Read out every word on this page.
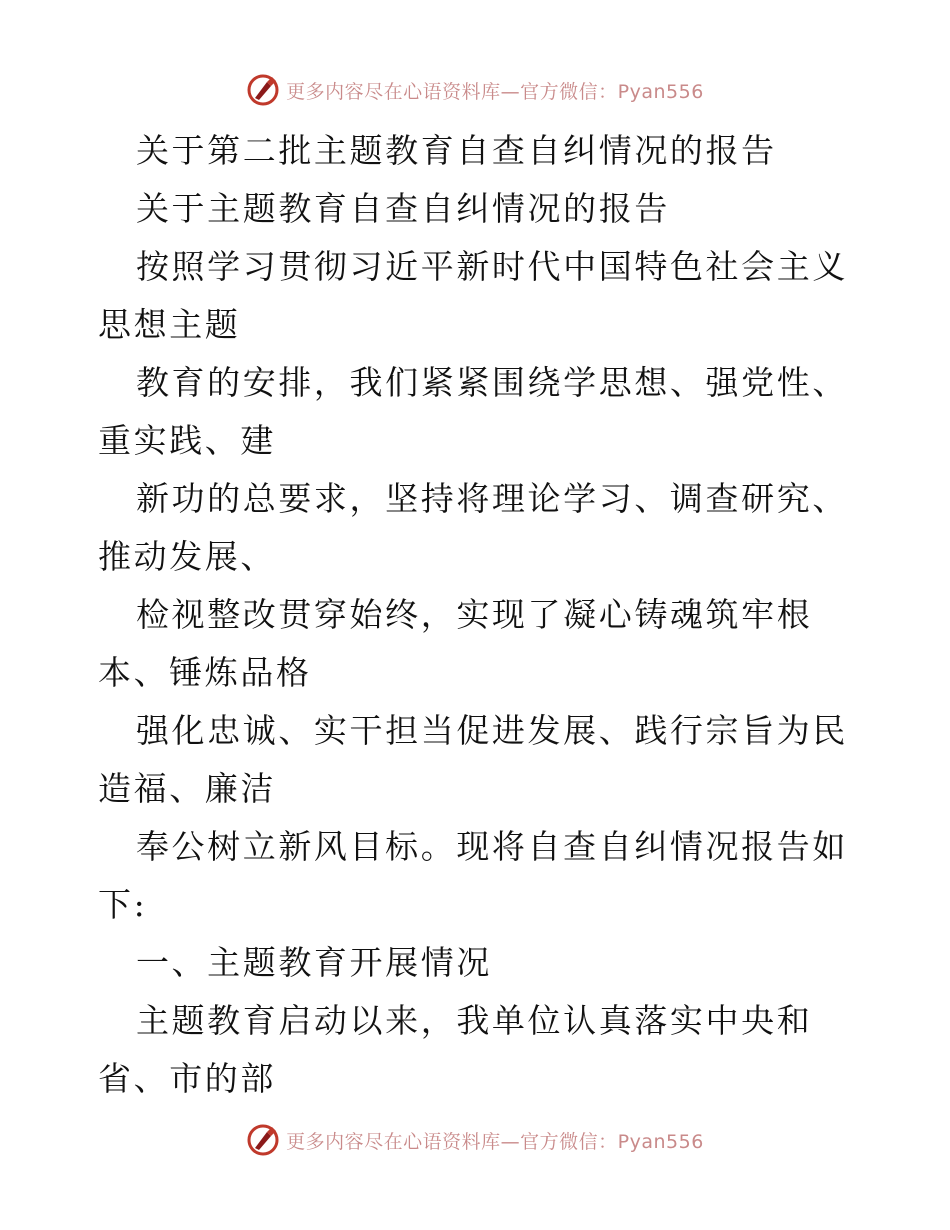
更多内容尽在心语资料库—官方微信：Pyan556

关于第二批主题教育自查自纠情况的报告

关于主题教育自查自纠情况的报告

按照学习贯彻习近平新时代中国特色社会主义思想主题

教育的安排，我们紧紧围绕学思想、强党性、重实践、建

新功的总要求，坚持将理论学习、调查研究、推动发展、

检视整改贯穿始终，实现了凝心铸魂筑牢根本、锤炼品格

强化忠诚、实干担当促进发展、践行宗旨为民造福、廉洁

奉公树立新风目标。现将自查自纠情况报告如下:

一、主题教育开展情况

主题教育启动以来，我单位认真落实中央和省、市的部

更多内容尽在心语资料库—官方微信：Pyan556
